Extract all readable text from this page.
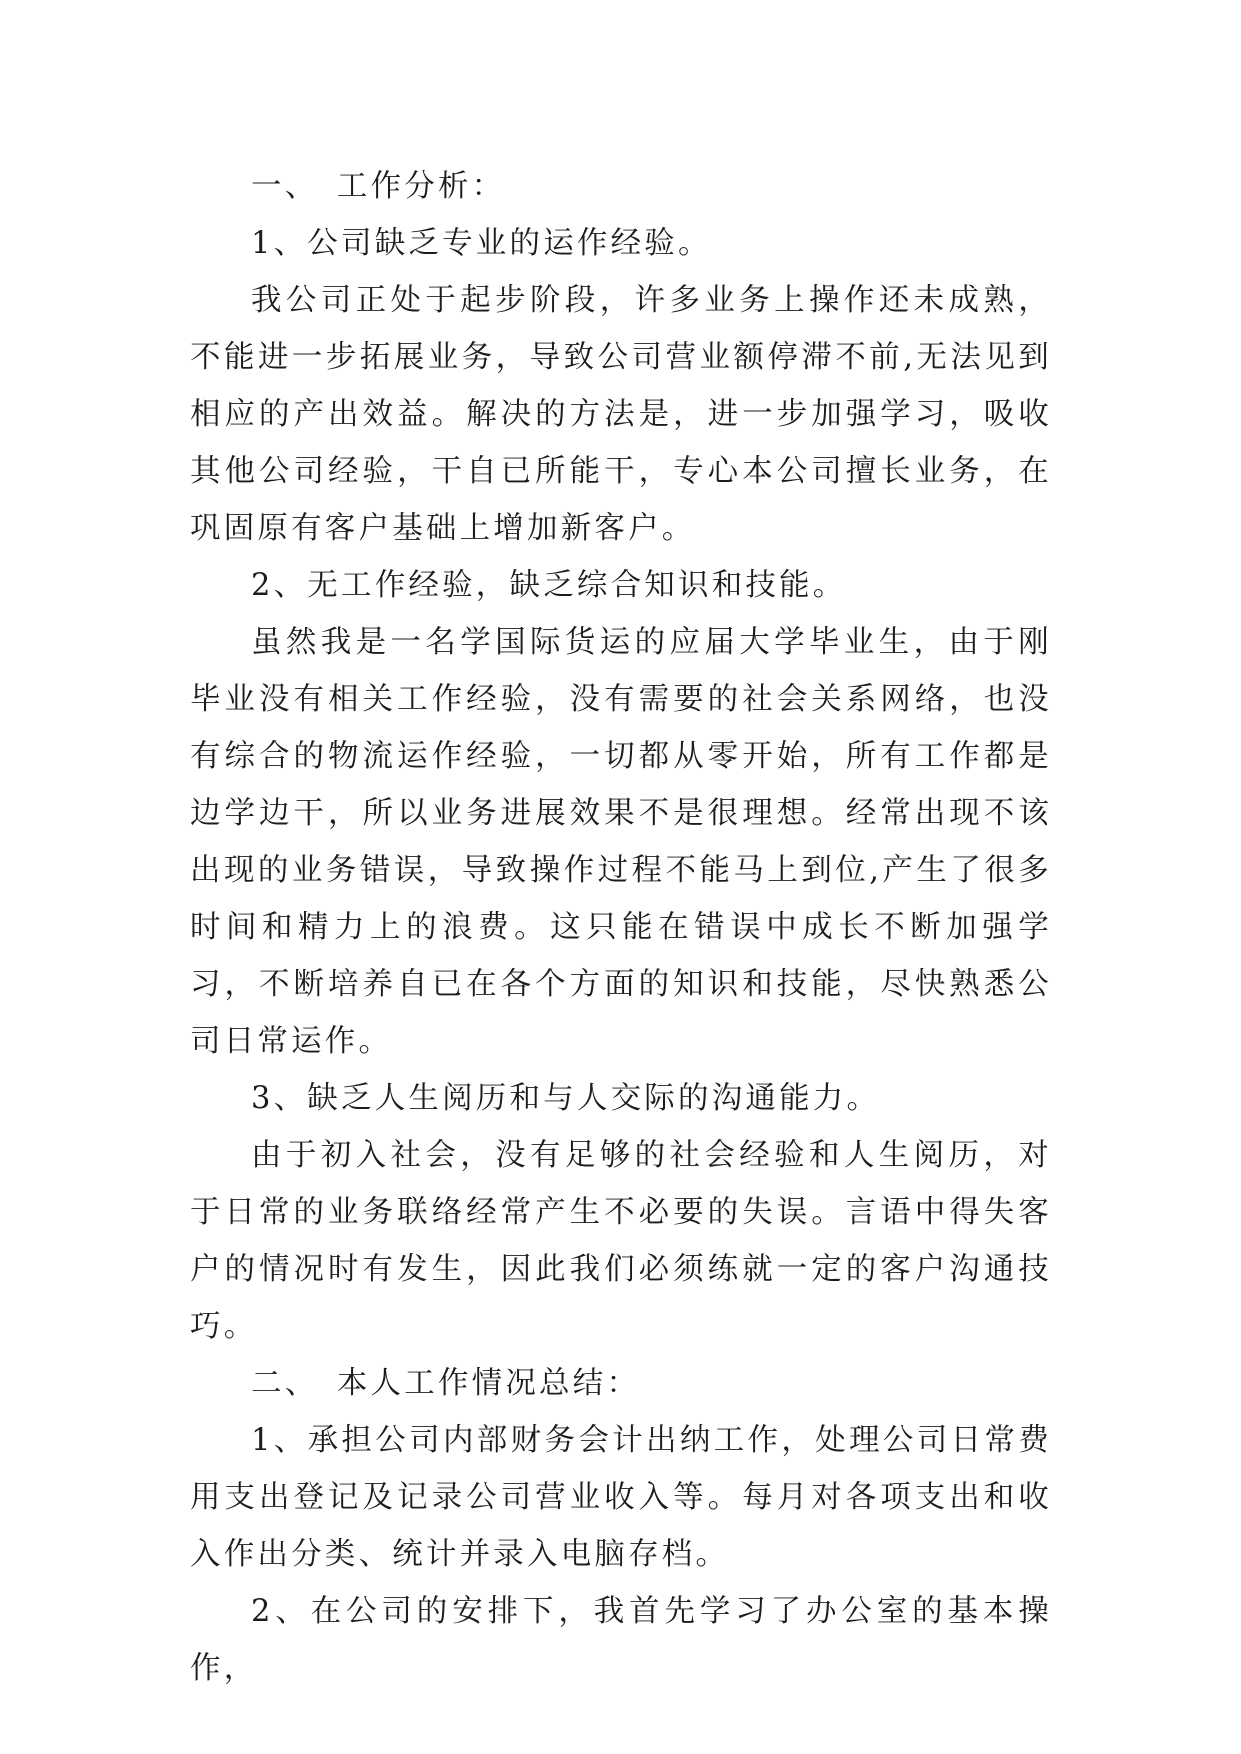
一、　工作分析：

1、公司缺乏专业的运作经验。

我公司正处于起步阶段，许多业务上操作还未成熟，不能进一步拓展业务，导致公司营业额停滞不前,无法见到相应的产出效益。解决的方法是，进一步加强学习，吸收其他公司经验，干自已所能干，专心本公司擅长业务，在巩固原有客户基础上增加新客户。

2、无工作经验，缺乏综合知识和技能。

虽然我是一名学国际货运的应届大学毕业生，由于刚毕业没有相关工作经验，没有需要的社会关系网络，也没有综合的物流运作经验，一切都从零开始，所有工作都是边学边干，所以业务进展效果不是很理想。经常出现不该出现的业务错误，导致操作过程不能马上到位,产生了很多时间和精力上的浪费。这只能在错误中成长不断加强学习，不断培养自已在各个方面的知识和技能，尽快熟悉公司日常运作。

3、缺乏人生阅历和与人交际的沟通能力。

由于初入社会，没有足够的社会经验和人生阅历，对于日常的业务联络经常产生不必要的失误。言语中得失客户的情况时有发生，因此我们必须练就一定的客户沟通技巧。

二、　本人工作情况总结：

1、承担公司内部财务会计出纳工作，处理公司日常费用支出登记及记录公司营业收入等。每月对各项支出和收入作出分类、统计并录入电脑存档。

2、在公司的安排下，我首先学习了办公室的基本操作，
